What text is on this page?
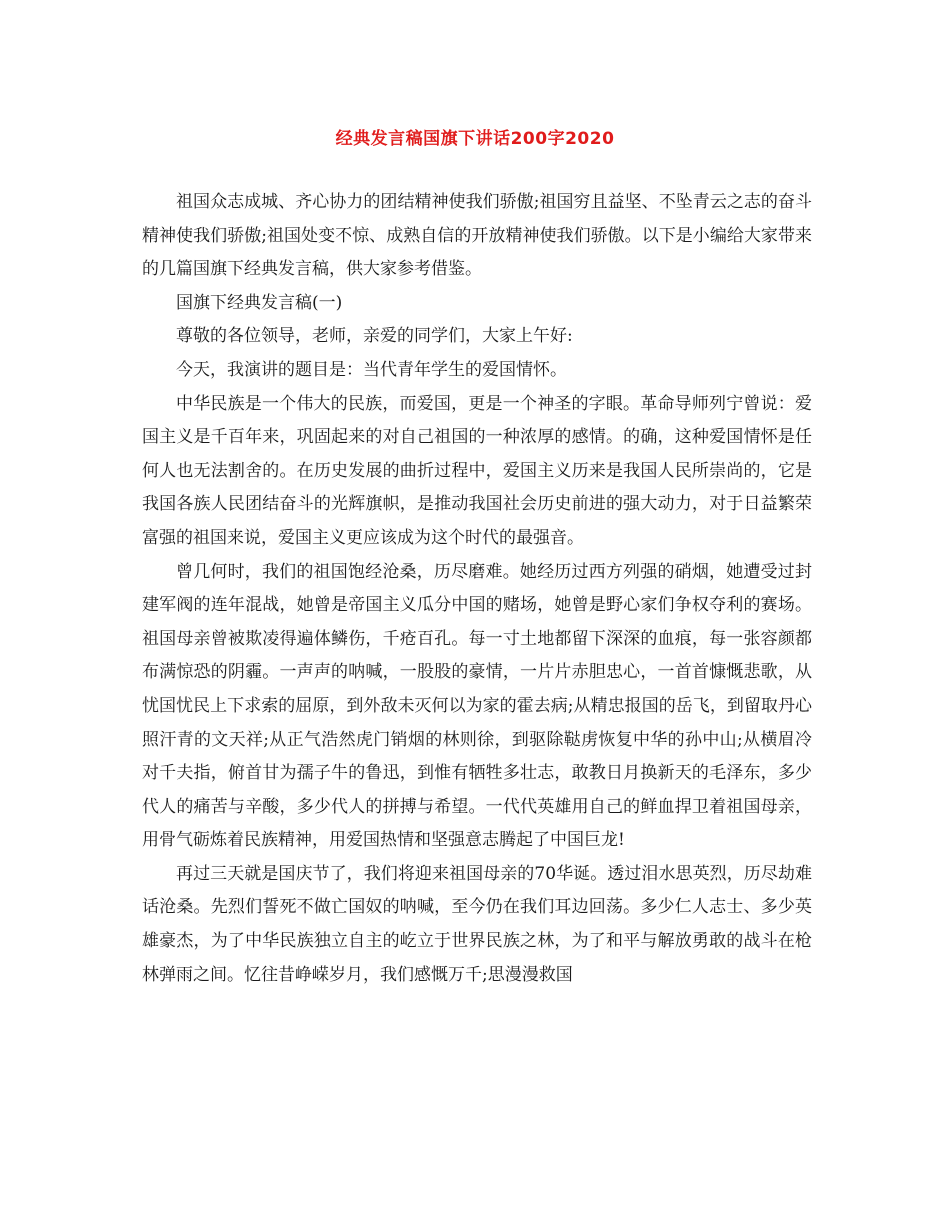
经典发言稿国旗下讲话200字2020

祖国众志成城、齐心协力的团结精神使我们骄傲;祖国穷且益坚、不坠青云之志的奋斗精神使我们骄傲;祖国处变不惊、成熟自信的开放精神使我们骄傲。以下是小编给大家带来的几篇国旗下经典发言稿，供大家参考借鉴。

国旗下经典发言稿(一)

尊敬的各位领导，老师，亲爱的同学们，大家上午好:

今天，我演讲的题目是：当代青年学生的爱国情怀。

中华民族是一个伟大的民族，而爱国，更是一个神圣的字眼。革命导师列宁曾说：爱国主义是千百年来，巩固起来的对自己祖国的一种浓厚的感情。的确，这种爱国情怀是任何人也无法割舍的。在历史发展的曲折过程中，爱国主义历来是我国人民所崇尚的，它是我国各族人民团结奋斗的光辉旗帜，是推动我国社会历史前进的强大动力，对于日益繁荣富强的祖国来说，爱国主义更应该成为这个时代的最强音。

曾几何时，我们的祖国饱经沧桑，历尽磨难。她经历过西方列强的硝烟，她遭受过封建军阀的连年混战，她曾是帝国主义瓜分中国的赌场，她曾是野心家们争权夺利的赛场。祖国母亲曾被欺凌得遍体鳞伤，千疮百孔。每一寸土地都留下深深的血痕，每一张容颜都布满惊恐的阴霾。一声声的呐喊，一股股的豪情，一片片赤胆忠心，一首首慷慨悲歌，从忧国忧民上下求索的屈原，到外敌未灭何以为家的霍去病;从精忠报国的岳飞，到留取丹心照汗青的文天祥;从正气浩然虎门销烟的林则徐，到驱除鞑虏恢复中华的孙中山;从横眉冷对千夫指，俯首甘为孺子牛的鲁迅，到惟有牺牲多壮志，敢教日月换新天的毛泽东，多少代人的痛苦与辛酸，多少代人的拼搏与希望。一代代英雄用自己的鲜血捍卫着祖国母亲，用骨气砺炼着民族精神，用爱国热情和坚强意志腾起了中国巨龙!

再过三天就是国庆节了，我们将迎来祖国母亲的70华诞。透过泪水思英烈，历尽劫难话沧桑。先烈们誓死不做亡国奴的呐喊，至今仍在我们耳边回荡。多少仁人志士、多少英雄豪杰，为了中华民族独立自主的屹立于世界民族之林，为了和平与解放勇敢的战斗在枪林弹雨之间。忆往昔峥嵘岁月，我们感慨万千;思漫漫救国
